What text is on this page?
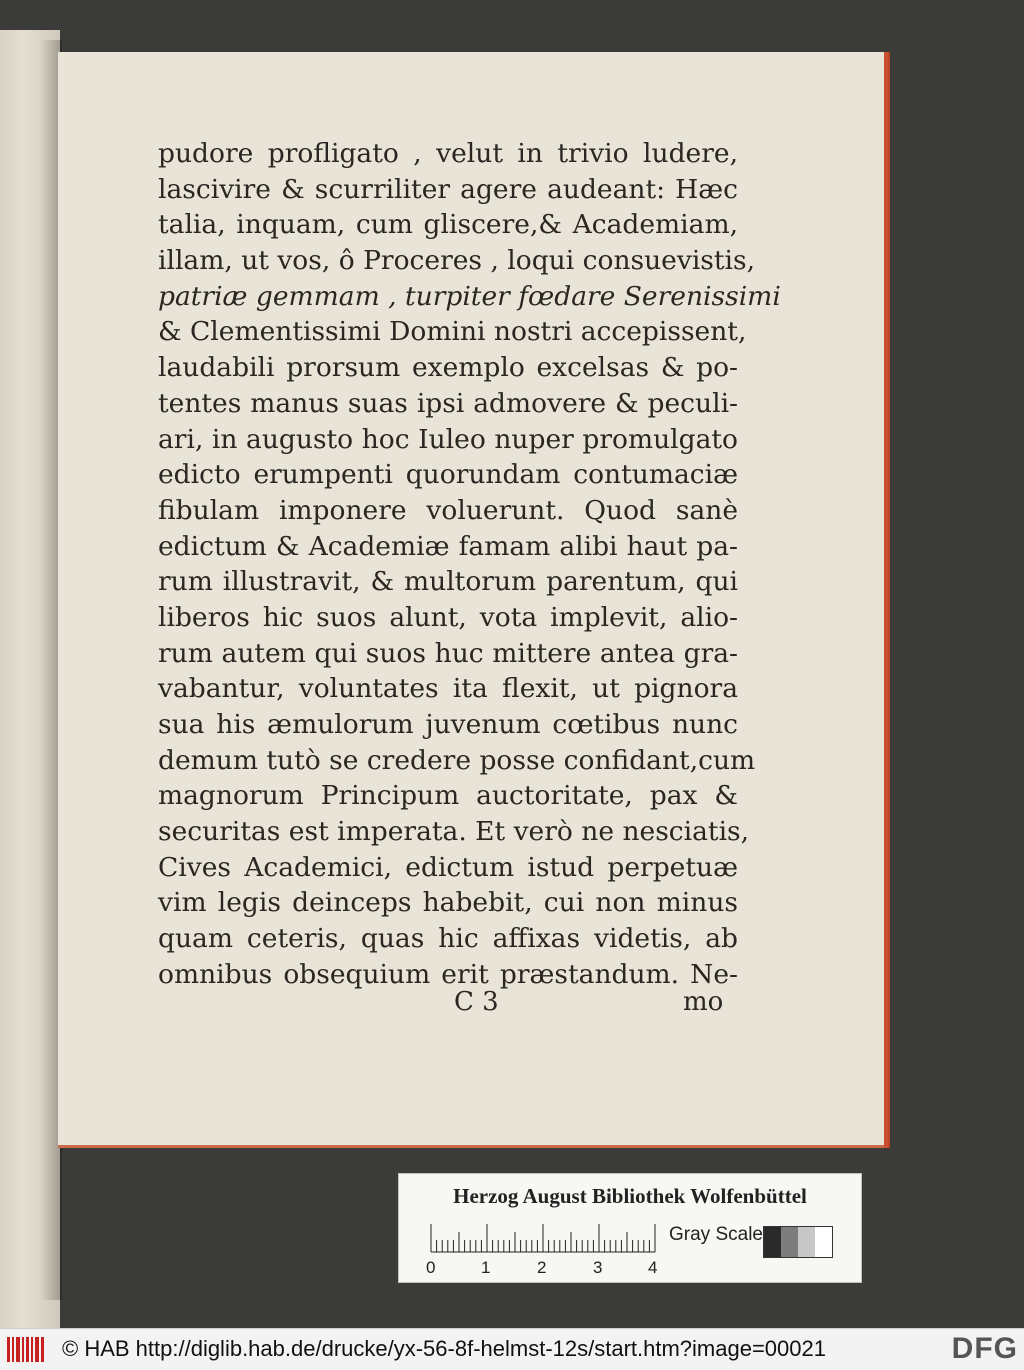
pudore profligato , velut in trivio ludere,
lascivire & scurriliter agere audeant: Hæc
talia, inquam, cum gliscere,& Academiam,
illam, ut vos, ô Proceres , loqui consuevistis,
patriæ gemmam , turpiter fœdare Serenissimi
& Clementissimi Domini nostri accepissent,
laudabili prorsum exemplo excelsas & po-
tentes manus suas ipsi admovere & peculi-
ari, in augusto hoc Iuleo nuper promulgato
edicto erumpenti quorundam contumaciæ
fibulam imponere voluerunt. Quod sanè
edictum & Academiæ famam alibi haut pa-
rum illustravit, & multorum parentum, qui
liberos hic suos alunt, vota implevit, alio-
rum autem qui suos huc mittere antea gra-
vabantur, voluntates ita flexit, ut pignora
sua his æmulorum juvenum cœtibus nunc
demum tutò se credere posse confidant,cum
magnorum Principum auctoritate, pax &
securitas est imperata. Et verò ne nesciatis,
Cives Academici, edictum istud perpetuæ
vim legis deinceps habebit, cui non minus
quam ceteris, quas hic affixas videtis, ab
omnibus obsequium erit præstandum. Ne-
C 3	mo
Herzog August Bibliothek Wolfenbüttel
0	1	2	3	4
Gray Scale
© HAB http://diglib.hab.de/drucke/yx-56-8f-helmst-12s/start.htm?image=00021	DFG
